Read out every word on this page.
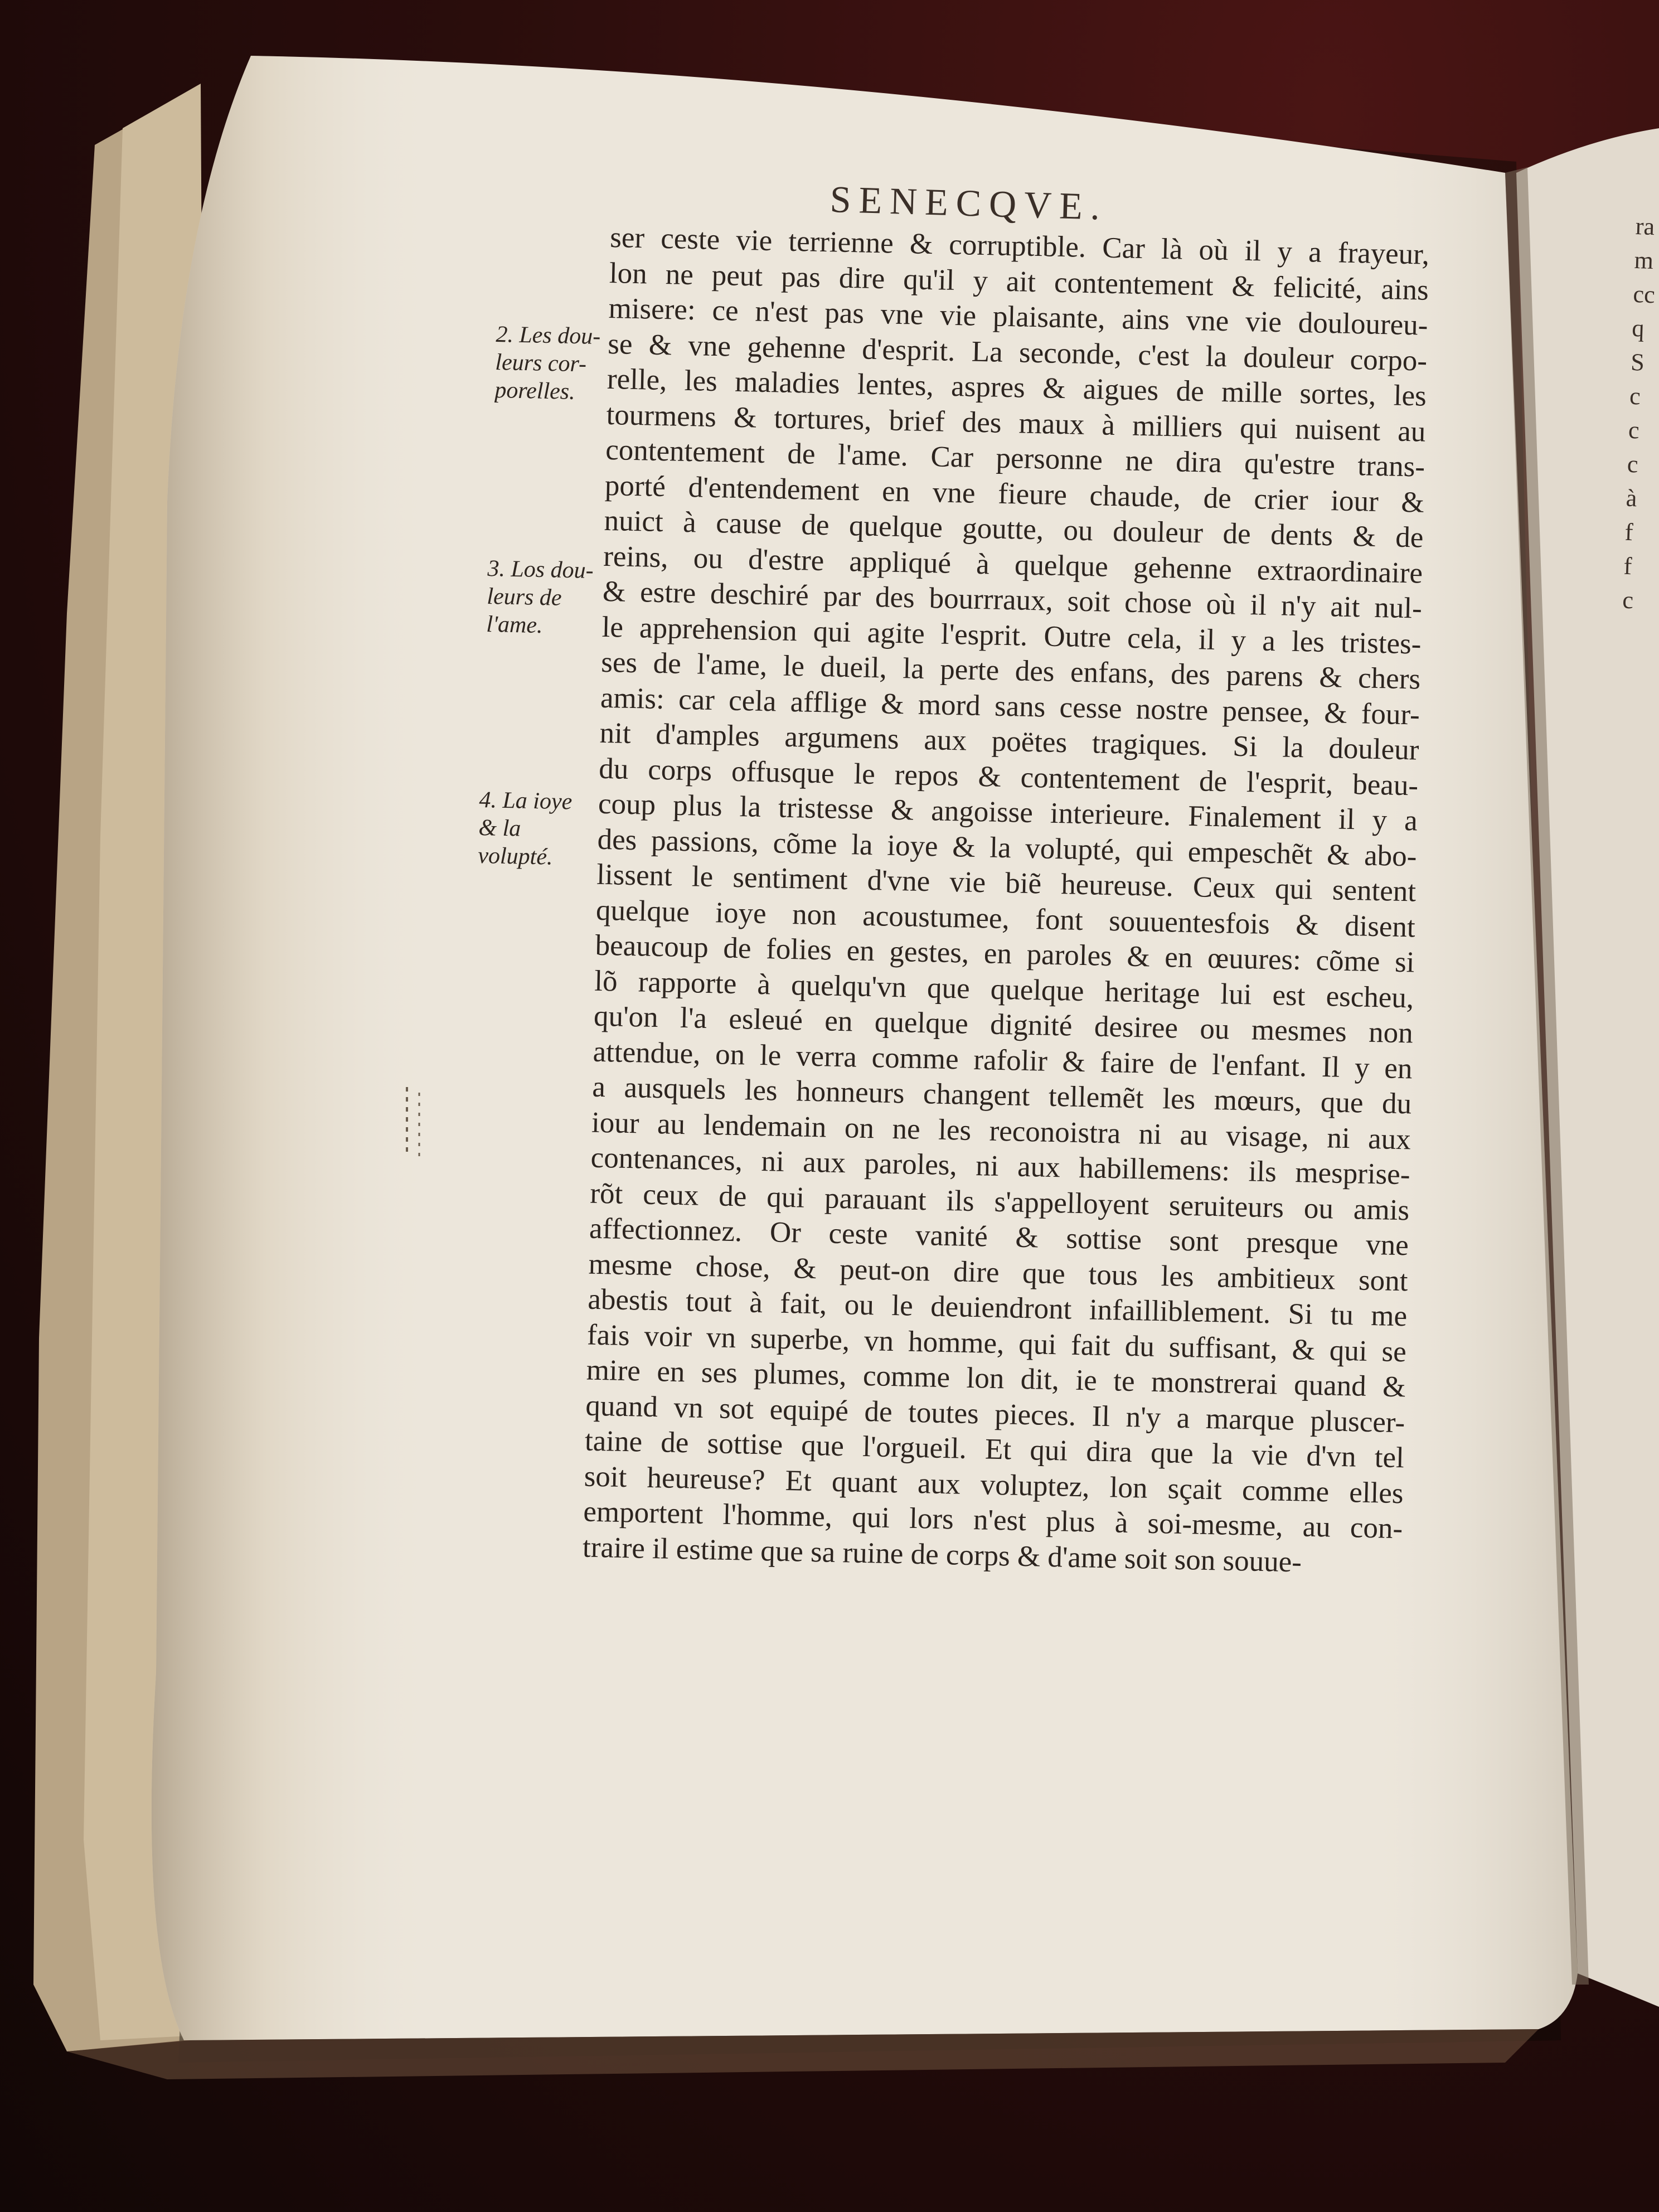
SENECQVE.
2. Les dou-
leurs cor-
porelles.
3. Los dou-
leurs de
l'ame.
4. La ioye
& la
volupté.
ser ceste vie terrienne & corruptible. Car là où il y a frayeur,
lon ne peut pas dire qu'il y ait contentement & felicité, ains
misere: ce n'est pas vne vie plaisante, ains vne vie douloureu-
se & vne gehenne d'esprit. La seconde, c'est la douleur corpo-
relle, les maladies lentes, aspres & aigues de mille sortes, les
tourmens & tortures, brief des maux à milliers qui nuisent au
contentement de l'ame. Car personne ne dira qu'estre trans-
porté d'entendement en vne fieure chaude, de crier iour &
nuict à cause de quelque goutte, ou douleur de dents & de
reins, ou d'estre appliqué à quelque gehenne extraordinaire
& estre deschiré par des bourrraux, soit chose où il n'y ait nul-
le apprehension qui agite l'esprit. Outre cela, il y a les tristes-
ses de l'ame, le dueil, la perte des enfans, des parens & chers
amis: car cela afflige & mord sans cesse nostre pensee, & four-
nit d'amples argumens aux poëtes tragiques. Si la douleur
du corps offusque le repos & contentement de l'esprit, beau-
coup plus la tristesse & angoisse interieure. Finalement il y a
des passions, cõme la ioye & la volupté, qui empeschẽt & abo-
lissent le sentiment d'vne vie biẽ heureuse. Ceux qui sentent
quelque ioye non acoustumee, font souuentesfois & disent
beaucoup de folies en gestes, en paroles & en œuures: cõme si
lõ rapporte à quelqu'vn que quelque heritage lui est escheu,
qu'on l'a esleué en quelque dignité desiree ou mesmes non
attendue, on le verra comme rafolir & faire de l'enfant. Il y en
a ausquels les honneurs changent tellemẽt les mœurs, que du
iour au lendemain on ne les reconoistra ni au visage, ni aux
contenances, ni aux paroles, ni aux habillemens: ils mesprise-
rõt ceux de qui parauant ils s'appelloyent seruiteurs ou amis
affectionnez. Or ceste vanité & sottise sont presque vne
mesme chose, & peut-on dire que tous les ambitieux sont
abestis tout à fait, ou le deuiendront infailliblement. Si tu me
fais voir vn superbe, vn homme, qui fait du suffisant, & qui se
mire en ses plumes, comme lon dit, ie te monstrerai quand &
quand vn sot equipé de toutes pieces. Il n'y a marque pluscer-
taine de sottise que l'orgueil. Et qui dira que la vie d'vn tel
soit heureuse? Et quant aux voluptez, lon sçait comme elles
emportent l'homme, qui lors n'est plus à soi-mesme, au con-
traire il estime que sa ruine de corps & d'ame soit son souue-
ra
m
cc
q
S
c
c
c
à
f
f
c
